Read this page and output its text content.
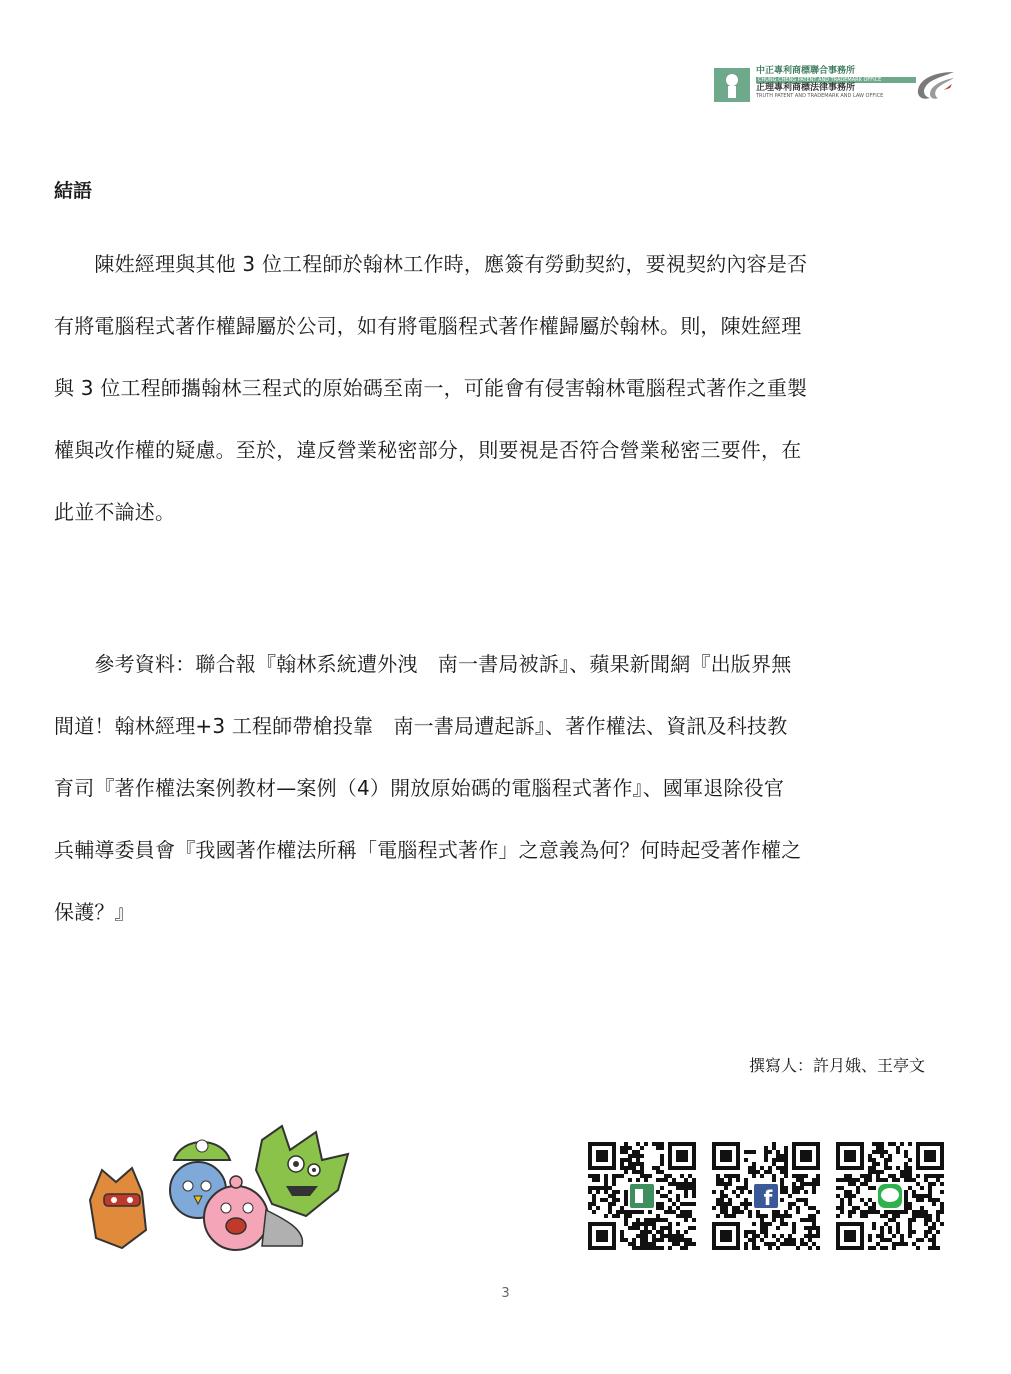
中正專利商標聯合事務所
CHUNG CHENG PATENT AND TRADEMARK OFFICE
正理專利商標法律事務所
TRUTH PATENT AND TRADEMARK AND LAW OFFICE
結語

　　陳姓經理與其他 3 位工程師於翰林工作時，應簽有勞動契約，要視契約內容是否
有將電腦程式著作權歸屬於公司，如有將電腦程式著作權歸屬於翰林。則，陳姓經理
與 3 位工程師攜翰林三程式的原始碼至南一，可能會有侵害翰林電腦程式著作之重製
權與改作權的疑慮。至於，違反營業秘密部分，則要視是否符合營業秘密三要件，在
此並不論述。

　　參考資料：聯合報『翰林系統遭外洩　南一書局被訴』、蘋果新聞網『出版界無
間道！翰林經理+3 工程師帶槍投靠　南一書局遭起訴』、著作權法、資訊及科技教
育司『著作權法案例教材—案例（4）開放原始碼的電腦程式著作』、國軍退除役官
兵輔導委員會『我國著作權法所稱「電腦程式著作」之意義為何？何時起受著作權之
保護？』

撰寫人：許月娥、王亭文
f
3
